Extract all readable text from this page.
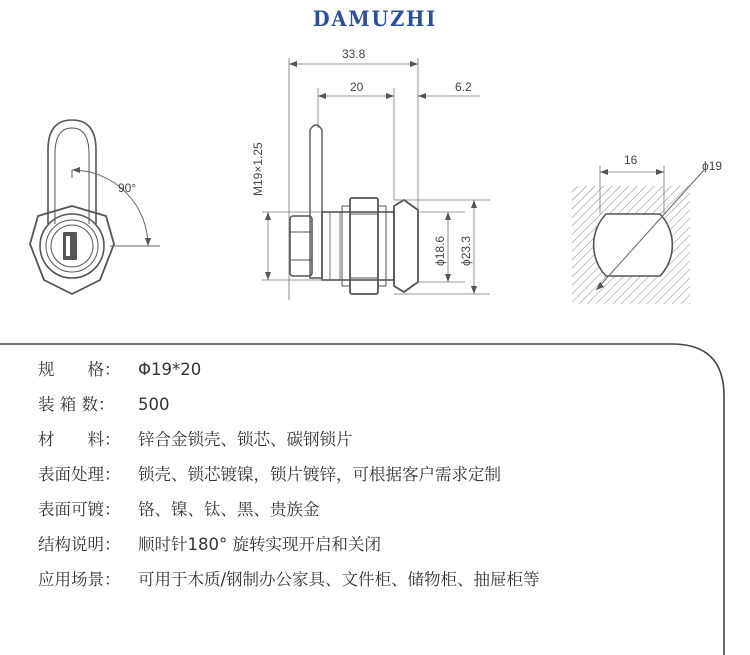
DAMUZHI
90°
33.8
20	6.2
M19×1.25
ϕ18.6 ϕ23.3
16	ϕ19
规　　格： Φ19*20
装 箱 数： 500
材　　料： 锌合金锁壳、锁芯、碳钢锁片
表面处理： 锁壳、锁芯镀镍，锁片镀锌，可根据客户需求定制
表面可镀： 铬、镍、钛、黑、贵族金
结构说明： 顺时针180° 旋转实现开启和关闭
应用场景： 可用于木质/钢制办公家具、文件柜、储物柜、抽屉柜等
